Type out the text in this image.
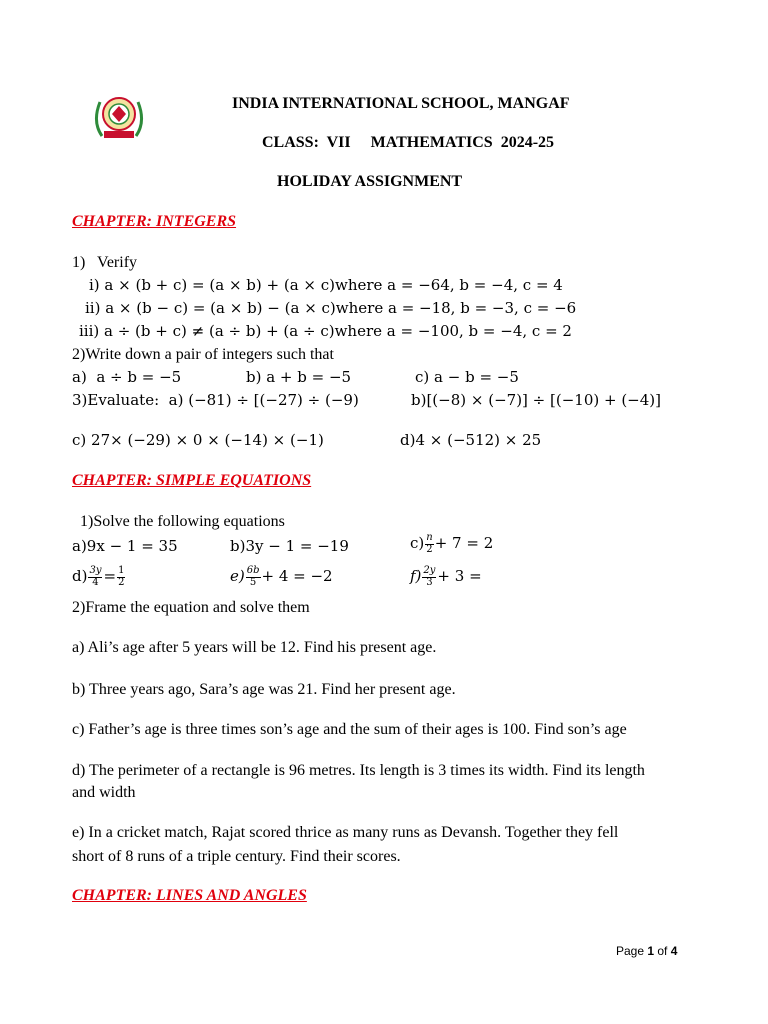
INDIA INTERNATIONAL SCHOOL, MANGAF
CLASS:  VII     MATHEMATICS  2024-25
HOLIDAY ASSIGNMENT
CHAPTER: INTEGERS
1)   Verify
i) a × (b + c) = (a × b) + (a × c)where a = −64, b = −4, c = 4
ii) a × (b − c) = (a × b) − (a × c)where a = −18, b = −3, c = −6
iii) a ÷ (b + c) ≠ (a ÷ b) + (a ÷ c)where a = −100, b = −4, c = 2
2)Write down a pair of integers such that
a)  a ÷ b = −5	b) a + b = −5	c) a − b = −5
3)Evaluate:  a) (−81) ÷ [(−27) ÷ (−9)	b)[(−8) × (−7)] ÷ [(−10) + (−4)]
c) 27× (−29) × 0 × (−14) × (−1)	d)4 × (−512) × 25
CHAPTER: SIMPLE EQUATIONS
1)Solve the following equations
a)9x − 1 = 35	b)3y − 1 = −19	$c) \frac{n}{2} + 7 = 2$
$d) \frac{3y}{4} = \frac{1}{2}$	$e) \frac{6b}{5} + 4 = -2$	$f) \frac{2y}{3} + 3$ =
2)Frame the equation and solve them
a) Ali’s age after 5 years will be 12. Find his present age.
b) Three years ago, Sara’s age was 21. Find her present age.
c) Father’s age is three times son’s age and the sum of their ages is 100. Find son’s age
d) The perimeter of a rectangle is 96 metres. Its length is 3 times its width. Find its length
and width
e) In a cricket match, Rajat scored thrice as many runs as Devansh. Together they fell
short of 8 runs of a triple century. Find their scores.
CHAPTER: LINES AND ANGLES
Page 1 of 4
